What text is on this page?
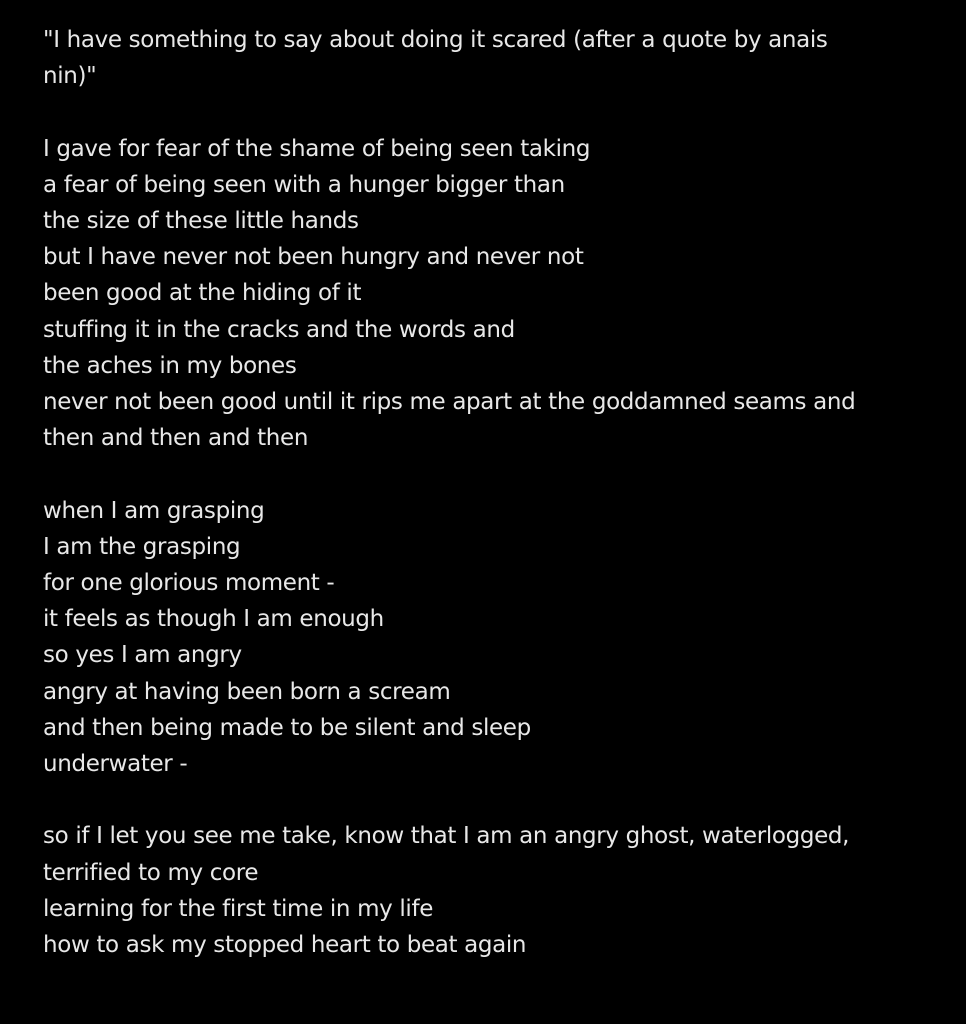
"I have something to say about doing it scared (after a quote by anais
nin)"
I gave for fear of the shame of being seen taking
a fear of being seen with a hunger bigger than
the size of these little hands
but I have never not been hungry and never not
been good at the hiding of it
stuffing it in the cracks and the words and
the aches in my bones
never not been good until it rips me apart at the goddamned seams and
then and then and then
when I am grasping
I am the grasping
for one glorious moment -
it feels as though I am enough
so yes I am angry
angry at having been born a scream
and then being made to be silent and sleep
underwater -
so if I let you see me take, know that I am an angry ghost, waterlogged,
terrified to my core
learning for the first time in my life
how to ask my stopped heart to beat again
